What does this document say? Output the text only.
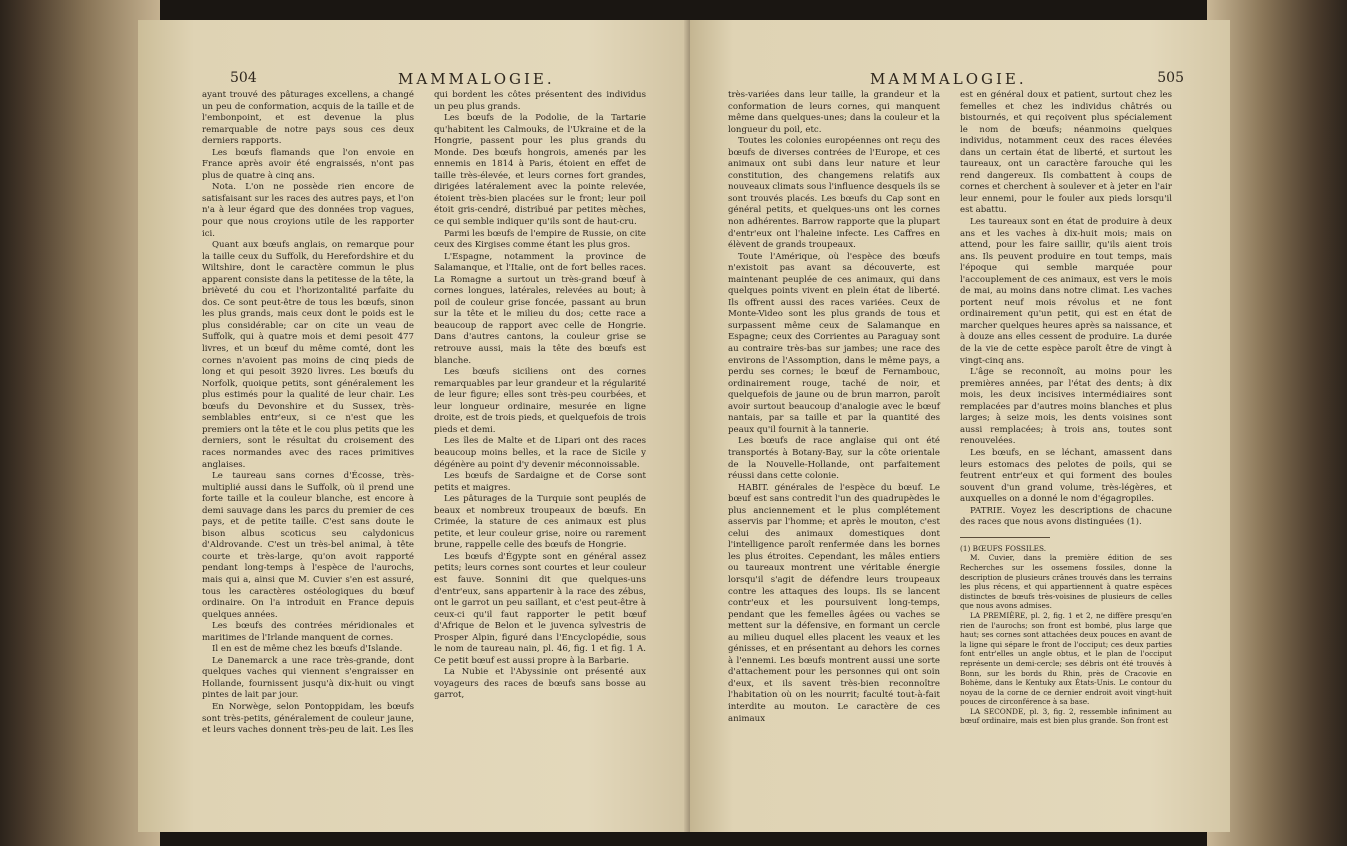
504	MAMMALOGIE.

ayant trouvé des pâturages excellens, a changé un peu de conformation, acquis de la taille et de l'embonpoint, et est devenue la plus remarquable de notre pays sous ces deux derniers rapports.

Les bœufs flamands que l'on envoie en France après avoir été engraissés, n'ont pas plus de quatre à cinq ans.

Nota. L'on ne possède rien encore de satisfaisant sur les races des autres pays, et l'on n'a à leur égard que des données trop vagues, pour que nous croyions utile de les rapporter ici.

Quant aux bœufs anglais, on remarque pour la taille ceux du Suffolk, du Herefordshire et du Wiltshire, dont le caractère commun le plus apparent consiste dans la petitesse de la tête, la brièveté du cou et l'horizontalité parfaite du dos. Ce sont peut-être de tous les bœufs, sinon les plus grands, mais ceux dont le poids est le plus considérable; car on cite un veau de Suffolk, qui à quatre mois et demi pesoit 477 livres, et un bœuf du même comté, dont les cornes n'avoient pas moins de cinq pieds de long et qui pesoit 3920 livres. Les bœufs du Norfolk, quoique petits, sont généralement les plus estimés pour la qualité de leur chair. Les bœufs du Devonshire et du Sussex, très-semblables entr'eux, si ce n'est que les premiers ont la tête et le cou plus petits que les derniers, sont le résultat du croisement des races normandes avec des races primitives anglaises.

Le taureau sans cornes d'Écosse, très-multiplié aussi dans le Suffolk, où il prend une forte taille et la couleur blanche, est encore à demi sauvage dans les parcs du premier de ces pays, et de petite taille. C'est sans doute le bison albus scoticus seu calydonicus d'Aldrovande. C'est un très-bel animal, à tête courte et très-large, qu'on avoit rapporté pendant long-temps à l'espèce de l'aurochs, mais qui a, ainsi que M. Cuvier s'en est assuré, tous les caractères ostéologiques du bœuf ordinaire. On l'a introduit en France depuis quelques années.

Les bœufs des contrées méridionales et maritimes de l'Irlande manquent de cornes.

Il en est de même chez les bœufs d'Islande.

Le Danemarck a une race très-grande, dont quelques vaches qui viennent s'engraisser en Hollande, fournissent jusqu'à dix-huit ou vingt pintes de lait par jour.

En Norwège, selon Pontoppidam, les bœufs sont très-petits, généralement de couleur jaune, et leurs vaches donnent très-peu de lait. Les îles

qui bordent les côtes présentent des individus un peu plus grands.

Les bœufs de la Podolie, de la Tartarie qu'habitent les Calmouks, de l'Ukraine et de la Hongrie, passent pour les plus grands du Monde. Des bœufs hongrois, amenés par les ennemis en 1814 à Paris, étoient en effet de taille très-élevée, et leurs cornes fort grandes, dirigées latéralement avec la pointe relevée, étoient très-bien placées sur le front; leur poil étoit gris-cendré, distribué par petites mèches, ce qui semble indiquer qu'ils sont de haut-cru.

Parmi les bœufs de l'empire de Russie, on cite ceux des Kirgises comme étant les plus gros.

L'Espagne, notamment la province de Salamanque, et l'Italie, ont de fort belles races. La Romagne a surtout un très-grand bœuf à cornes longues, latérales, relevées au bout; à poil de couleur grise foncée, passant au brun sur la tête et le milieu du dos; cette race a beaucoup de rapport avec celle de Hongrie. Dans d'autres cantons, la couleur grise se retrouve aussi, mais la tête des bœufs est blanche.

Les bœufs siciliens ont des cornes remarquables par leur grandeur et la régularité de leur figure; elles sont très-peu courbées, et leur longueur ordinaire, mesurée en ligne droite, est de trois pieds, et quelquefois de trois pieds et demi.

Les îles de Malte et de Lipari ont des races beaucoup moins belles, et la race de Sicile y dégénère au point d'y devenir méconnoissable.

Les bœufs de Sardaigne et de Corse sont petits et maigres.

Les pâturages de la Turquie sont peuplés de beaux et nombreux troupeaux de bœufs. En Crimée, la stature de ces animaux est plus petite, et leur couleur grise, noire ou rarement brune, rappelle celle des bœufs de Hongrie.

Les bœufs d'Égypte sont en général assez petits; leurs cornes sont courtes et leur couleur est fauve. Sonnini dit que quelques-uns d'entr'eux, sans appartenir à la race des zébus, ont le garrot un peu saillant, et c'est peut-être à ceux-ci qu'il faut rapporter le petit bœuf d'Afrique de Belon et le juvenca sylvestris de Prosper Alpin, figuré dans l'Encyclopédie, sous le nom de taureau nain, pl. 46, fig. 1 et fig. 1 A. Ce petit bœuf est aussi propre à la Barbarie.

La Nubie et l'Abyssinie ont présenté aux voyageurs des races de bœufs sans bosse au garrot,

MAMMALOGIE.	505

très-variées dans leur taille, la grandeur et la conformation de leurs cornes, qui manquent même dans quelques-unes; dans la couleur et la longueur du poil, etc.

Toutes les colonies européennes ont reçu des bœufs de diverses contrées de l'Europe, et ces animaux ont subi dans leur nature et leur constitution, des changemens relatifs aux nouveaux climats sous l'influence desquels ils se sont trouvés placés. Les bœufs du Cap sont en général petits, et quelques-uns ont les cornes non adhérentes. Barrow rapporte que la plupart d'entr'eux ont l'haleine infecte. Les Caffres en élèvent de grands troupeaux.

Toute l'Amérique, où l'espèce des bœufs n'existoit pas avant sa découverte, est maintenant peuplée de ces animaux, qui dans quelques points vivent en plein état de liberté. Ils offrent aussi des races variées. Ceux de Monte-Video sont les plus grands de tous et surpassent même ceux de Salamanque en Espagne; ceux des Corrientes au Paraguay sont au contraire très-bas sur jambes; une race des environs de l'Assomption, dans le même pays, a perdu ses cornes; le bœuf de Fernambouc, ordinairement rouge, taché de noir, et quelquefois de jaune ou de brun marron, paroît avoir surtout beaucoup d'analogie avec le bœuf nantais, par sa taille et par la quantité des peaux qu'il fournit à la tannerie.

Les bœufs de race anglaise qui ont été transportés à Botany-Bay, sur la côte orientale de la Nouvelle-Hollande, ont parfaitement réussi dans cette colonie.

HABIT. générales de l'espèce du bœuf. Le bœuf est sans contredit l'un des quadrupèdes le plus anciennement et le plus complétement asservis par l'homme; et après le mouton, c'est celui des animaux domestiques dont l'intelligence paroît renfermée dans les bornes les plus étroites. Cependant, les mâles entiers ou taureaux montrent une véritable énergie lorsqu'il s'agit de défendre leurs troupeaux contre les attaques des loups. Ils se lancent contr'eux et les poursuivent long-temps, pendant que les femelles âgées ou vaches se mettent sur la défensive, en formant un cercle au milieu duquel elles placent les veaux et les génisses, et en présentant au dehors les cornes à l'ennemi. Les bœufs montrent aussi une sorte d'attachement pour les personnes qui ont soin d'eux, et ils savent très-bien reconnoître l'habitation où on les nourrit; faculté tout-à-fait interdite au mouton. Le caractère de ces animaux

est en général doux et patient, surtout chez les femelles et chez les individus châtrés ou bistournés, et qui reçoivent plus spécialement le nom de bœufs; néanmoins quelques individus, notamment ceux des races élevées dans un certain état de liberté, et surtout les taureaux, ont un caractère farouche qui les rend dangereux. Ils combattent à coups de cornes et cherchent à soulever et à jeter en l'air leur ennemi, pour le fouler aux pieds lorsqu'il est abattu.

Les taureaux sont en état de produire à deux ans et les vaches à dix-huit mois; mais on attend, pour les faire saillir, qu'ils aient trois ans. Ils peuvent produire en tout temps, mais l'époque qui semble marquée pour l'accouplement de ces animaux, est vers le mois de mai, au moins dans notre climat. Les vaches portent neuf mois révolus et ne font ordinairement qu'un petit, qui est en état de marcher quelques heures après sa naissance, et à douze ans elles cessent de produire. La durée de la vie de cette espèce paroît être de vingt à vingt-cinq ans.

L'âge se reconnoît, au moins pour les premières années, par l'état des dents; à dix mois, les deux incisives intermédiaires sont remplacées par d'autres moins blanches et plus larges; à seize mois, les dents voisines sont aussi remplacées; à trois ans, toutes sont renouvelées.

Les bœufs, en se léchant, amassent dans leurs estomacs des pelotes de poils, qui se feutrent entr'eux et qui forment des boules souvent d'un grand volume, très-légères, et auxquelles on a donné le nom d'égagropiles.

PATRIE. Voyez les descriptions de chacune des races que nous avons distinguées (1).

(1) BŒUFS FOSSILES.

M. Cuvier, dans la première édition de ses Recherches sur les ossemens fossiles, donne la description de plusieurs crânes trouvés dans les terrains les plus récens, et qui appartiennent à quatre espèces distinctes de bœufs très-voisines de plusieurs de celles que nous avons admises.

LA PREMIÈRE, pl. 2, fig. 1 et 2, ne diffère presqu'en rien de l'aurochs; son front est bombé, plus large que haut; ses cornes sont attachées deux pouces en avant de la ligne qui sépare le front de l'occiput; ces deux parties font entr'elles un angle obtus, et le plan de l'occiput représente un demi-cercle; ses débris ont été trouvés à Bonn, sur les bords du Rhin, près de Cracovie en Bohème, dans le Kentuky aux États-Unis. Le contour du noyau de la corne de ce dernier endroit avoit vingt-huit pouces de circonférence à sa base.

LA SECONDE, pl. 3, fig. 2, ressemble infiniment au bœuf ordinaire, mais est bien plus grande. Son front est
